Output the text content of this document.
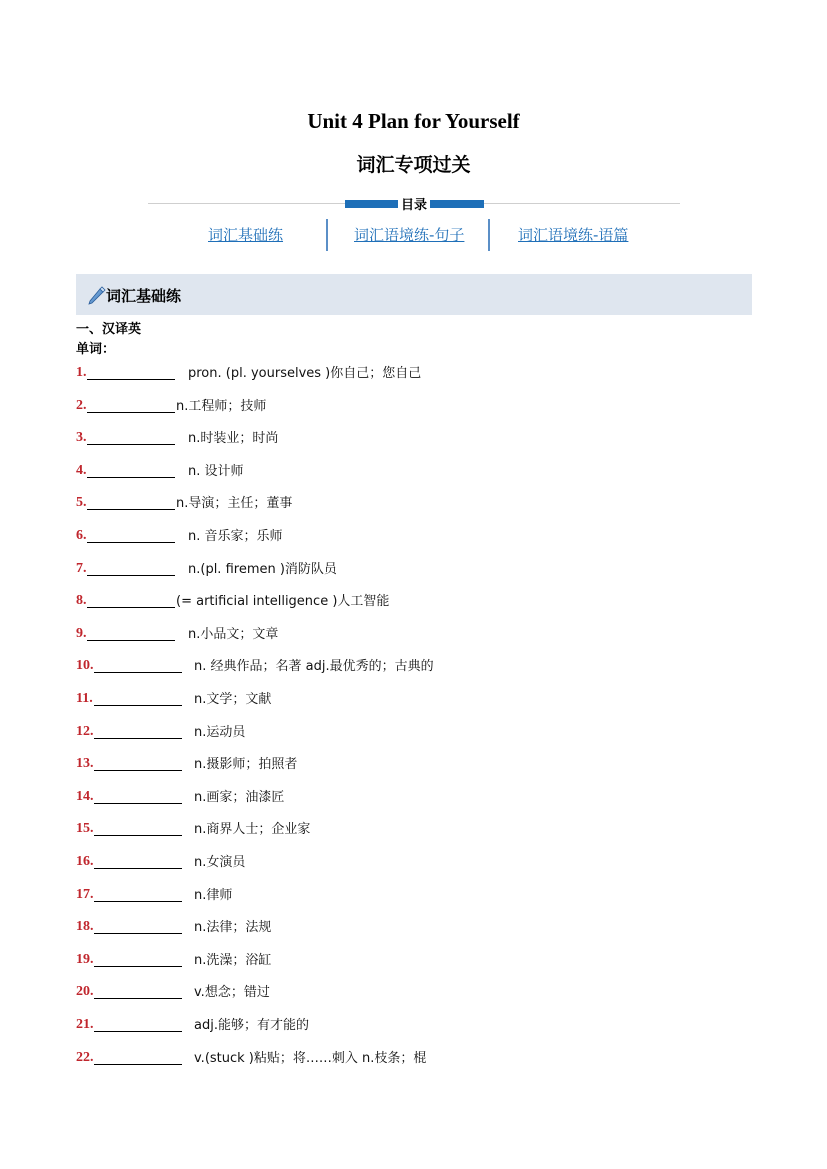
Unit 4 Plan for Yourself
词汇专项过关
目录
词汇基础练	词汇语境练-句子	词汇语境练-语篇
词汇基础练
一、汉译英
单词：
1.	pron. (pl. yourselves )你自己；您自己
2.	n.工程师；技师
3.	n.时装业；时尚
4.	n. 设计师
5.	n.导演；主任；董事
6.	n. 音乐家；乐师
7.	n.(pl. firemen )消防队员
8.	(= artificial intelligence )人工智能
9.	n.小品文；文章
10.	n. 经典作品；名著 adj.最优秀的；古典的
11.	n.文学；文献
12.	n.运动员
13.	n.摄影师；拍照者
14.	n.画家；油漆匠
15.	n.商界人士；企业家
16.	n.女演员
17.	n.律师
18.	n.法律；法规
19.	n.洗澡；浴缸
20.	v.想念；错过
21.	adj.能够；有才能的
22.	v.(stuck )粘贴；将……刺入 n.枝条；棍
